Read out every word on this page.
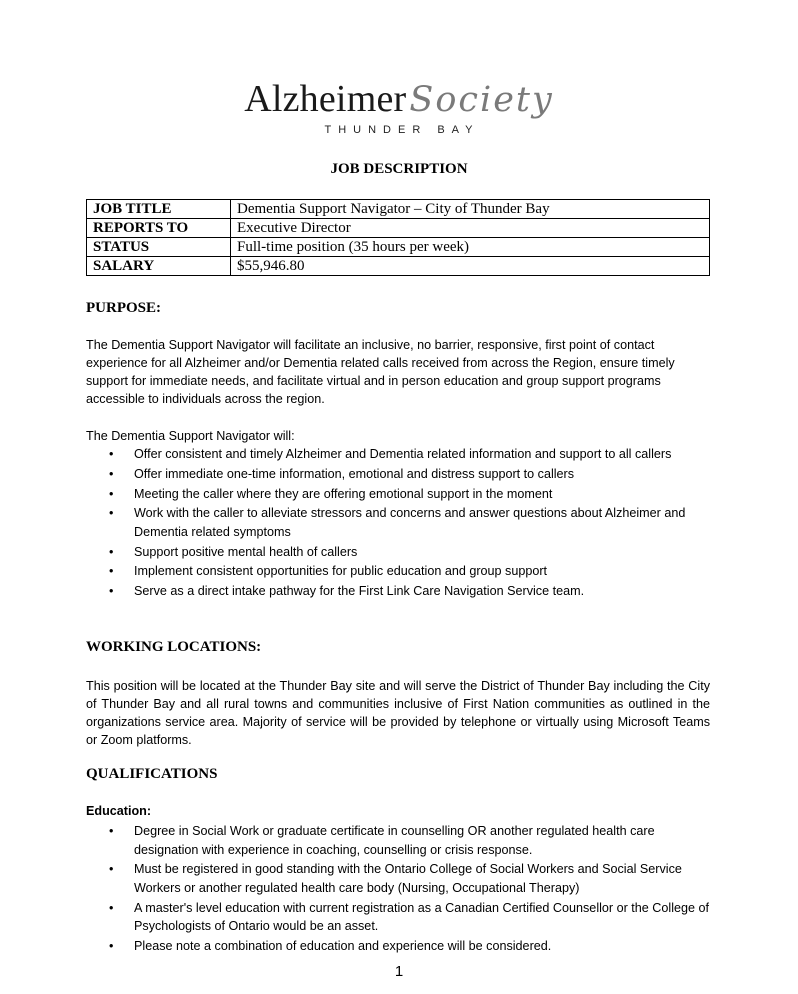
AlzheimerSociety
THUNDER BAY
JOB DESCRIPTION
JOB TITLE	Dementia Support Navigator – City of Thunder Bay
REPORTS TO	Executive Director
STATUS	Full-time position (35 hours per week)
SALARY	$55,946.80
PURPOSE:
The Dementia Support Navigator will facilitate an inclusive, no barrier, responsive, first point of contact experience for all Alzheimer and/or Dementia related calls received from across the Region, ensure timely support for immediate needs, and facilitate virtual and in person education and group support programs accessible to individuals across the region.
The Dementia Support Navigator will:
• Offer consistent and timely Alzheimer and Dementia related information and support to all callers
• Offer immediate one-time information, emotional and distress support to callers
• Meeting the caller where they are offering emotional support in the moment
• Work with the caller to alleviate stressors and concerns and answer questions about Alzheimer and Dementia related symptoms
• Support positive mental health of callers
• Implement consistent opportunities for public education and group support
• Serve as a direct intake pathway for the First Link Care Navigation Service team.
WORKING LOCATIONS:
This position will be located at the Thunder Bay site and will serve the District of Thunder Bay including the City of Thunder Bay and all rural towns and communities inclusive of First Nation communities as outlined in the organizations service area. Majority of service will be provided by telephone or virtually using Microsoft Teams or Zoom platforms.
QUALIFICATIONS
Education:
• Degree in Social Work or graduate certificate in counselling OR another regulated health care designation with experience in coaching, counselling or crisis response.
• Must be registered in good standing with the Ontario College of Social Workers and Social Service Workers or another regulated health care body (Nursing, Occupational Therapy)
• A master's level education with current registration as a Canadian Certified Counsellor or the College of Psychologists of Ontario would be an asset.
• Please note a combination of education and experience will be considered.
1
